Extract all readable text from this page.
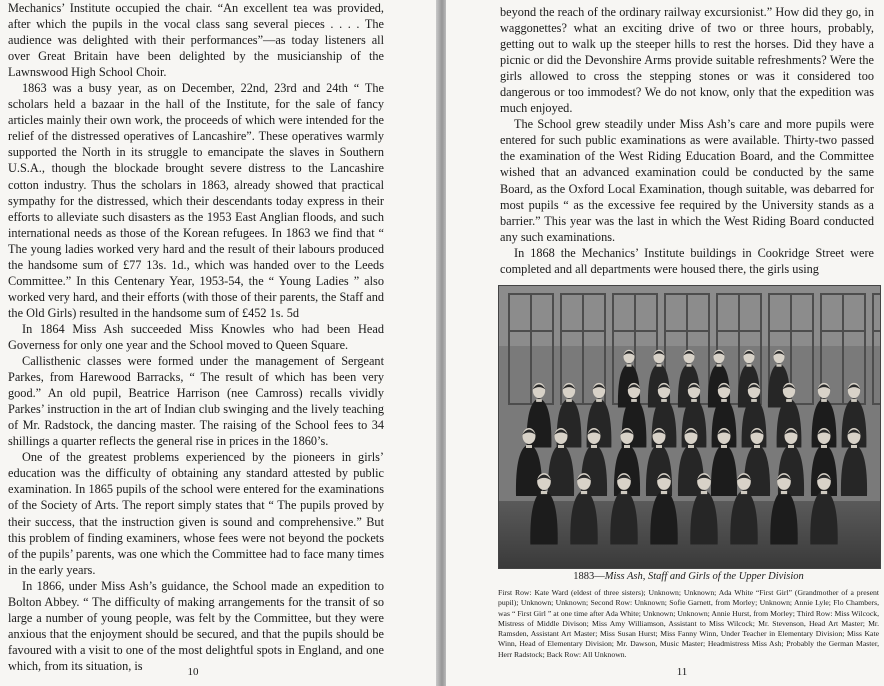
Mechanics’ Institute occupied the chair. “An excellent tea was provided, after which the pupils in the vocal class sang several pieces . . . . The audience was delighted with their performances”—as today listeners all over Great Britain have been delighted by the musicianship of the Lawnswood High School Choir.

1863 was a busy year, as on December, 22nd, 23rd and 24th “ The scholars held a bazaar in the hall of the Institute, for the sale of fancy articles mainly their own work, the proceeds of which were intended for the relief of the distressed operatives of Lancashire”. These operatives warmly supported the North in its struggle to emancipate the slaves in Southern U.S.A., though the blockade brought severe distress to the Lancashire cotton industry. Thus the scholars in 1863, already showed that practical sympathy for the distressed, which their descendants today express in their efforts to alleviate such disasters as the 1953 East Anglian floods, and such international needs as those of the Korean refugees. In 1863 we find that “ The young ladies worked very hard and the result of their labours produced the handsome sum of £77 13s. 1d., which was handed over to the Leeds Committee.” In this Centenary Year, 1953-54, the “ Young Ladies ” also worked very hard, and their efforts (with those of their parents, the Staff and the Old Girls) resulted in the handsome sum of £452 1s. 5d

In 1864 Miss Ash succeeded Miss Knowles who had been Head Governess for only one year and the School moved to Queen Square.

Callisthenic classes were formed under the management of Sergeant Parkes, from Harewood Barracks, “ The result of which has been very good.” An old pupil, Beatrice Harrison (nee Camross) recalls vividly Parkes’ instruction in the art of Indian club swinging and the lively teaching of Mr. Radstock, the dancing master. The raising of the School fees to 34 shillings a quarter reflects the general rise in prices in the 1860’s.

One of the greatest problems experienced by the pioneers in girls’ education was the difficulty of obtaining any standard attested by public examination. In 1865 pupils of the school were entered for the examinations of the Society of Arts. The report simply states that “ The pupils proved by their success, that the instruction given is sound and comprehensive.” But this problem of finding examiners, whose fees were not beyond the pockets of the pupils’ parents, was one which the Committee had to face many times in the early years.

In 1866, under Miss Ash’s guidance, the School made an expedition to Bolton Abbey. “ The difficulty of making arrangements for the transit of so large a number of young people, was felt by the Committee, but they were anxious that the enjoyment should be secured, and that the pupils should be favoured with a visit to one of the most delightful spots in England, and one which, from its situation, is	10

beyond the reach of the ordinary railway excursionist.” How did they go, in waggonettes? what an exciting drive of two or three hours, probably, getting out to walk up the steeper hills to rest the horses. Did they have a picnic or did the Devonshire Arms provide suitable refreshments? Were the girls allowed to cross the stepping stones or was it considered too dangerous or too immodest? We do not know, only that the expedition was much enjoyed.

The School grew steadily under Miss Ash’s care and more pupils were entered for such public examinations as were available. Thirty-two passed the examination of the West Riding Education Board, and the Committee wished that an advanced examination could be conducted by the same Board, as the Oxford Local Examination, though suitable, was debarred for most pupils “ as the excessive fee required by the University stands as a barrier.” This year was the last in which the West Riding Board conducted any such examinations.

In 1868 the Mechanics’ Institute buildings in Cookridge Street were completed and all departments were housed there, the girls using

1883—Miss Ash, Staff and Girls of the Upper Division
First Row: Kate Ward (eldest of three sisters); Unknown; Unknown; Ada White “First Girl” (Grandmother of a present pupil); Unknown; Unknown; Second Row: Unknown; Sofie Garnett, from Morley; Unknown; Annie Lyle; Flo Chambers, was “ First Girl ” at one time after Ada White; Unknown; Unknown; Annie Hurst, from Morley; Third Row: Miss Wilcock, Mistress of Middle Divison; Miss Amy Williamson, Assistant to Miss Wilcock; Mr. Stevenson, Head Art Master; Mr. Ramsden, Assistant Art Master; Miss Susan Hurst; Miss Fanny Winn, Under Teacher in Elementary Division; Miss Kate Winn, Head of Elementary Division; Mr. Dawson, Music Master; Headmistress Miss Ash; Probably the German Master, Herr Radstock; Back Row: All Unknown.
11
